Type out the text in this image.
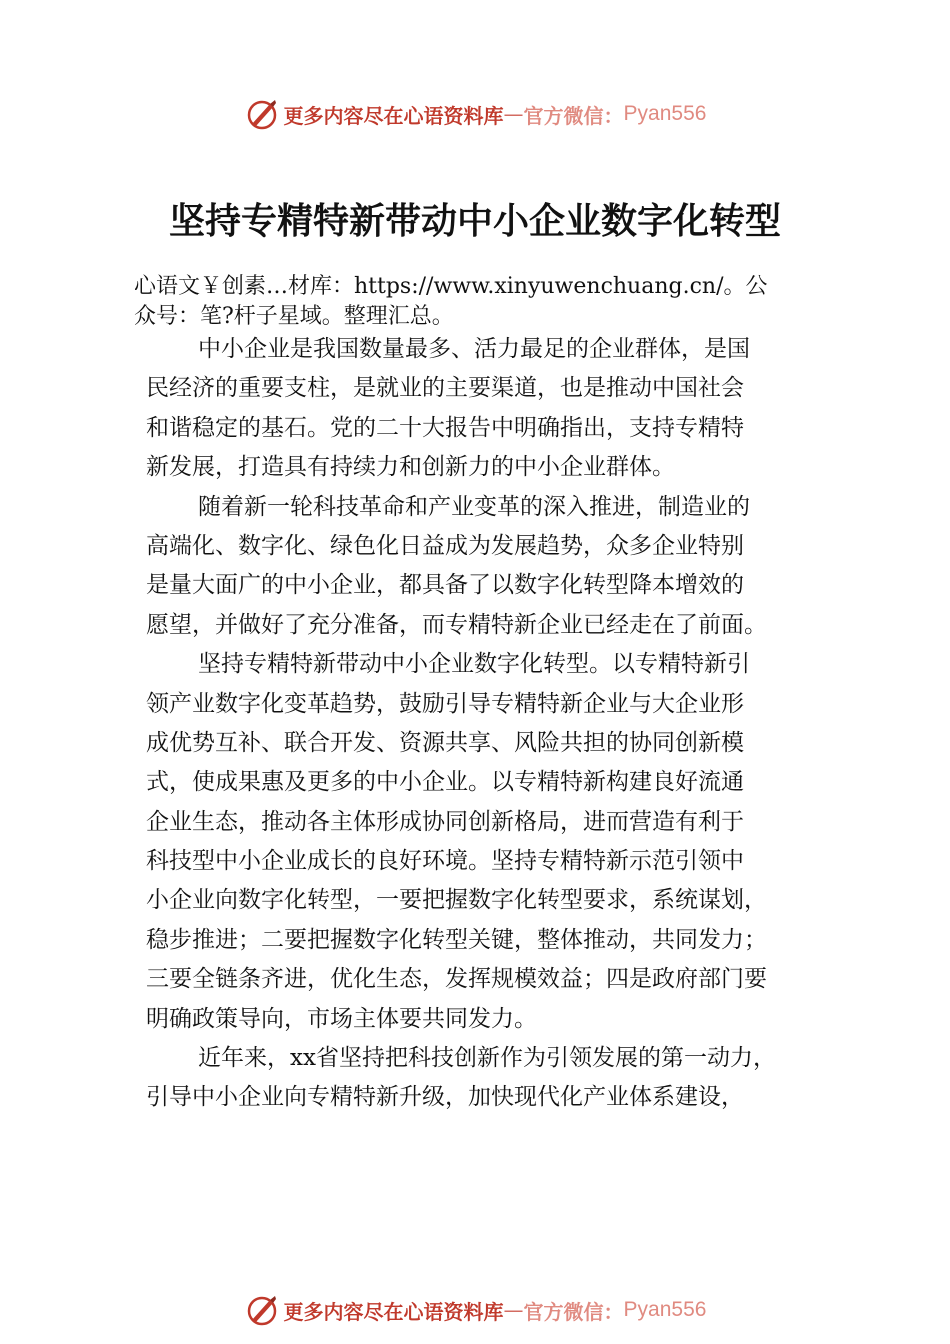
更多内容尽在心语资料库 — 官方微信： Pyan556
坚持专精特新带动中小企业数字化转型
心语文￥创素…材库：https://www.xinyuwenchuang.cn/。公
众号：笔?杆子星域。整理汇总。
中小企业是我国数量最多、活力最足的企业群体，是国
民经济的重要支柱，是就业的主要渠道，也是推动中国社会
和谐稳定的基石。党的二十大报告中明确指出，支持专精特
新发展，打造具有持续力和创新力的中小企业群体。
随着新一轮科技革命和产业变革的深入推进，制造业的
高端化、数字化、绿色化日益成为发展趋势，众多企业特别
是量大面广的中小企业，都具备了以数字化转型降本增效的
愿望，并做好了充分准备，而专精特新企业已经走在了前面。
坚持专精特新带动中小企业数字化转型。以专精特新引
领产业数字化变革趋势，鼓励引导专精特新企业与大企业形
成优势互补、联合开发、资源共享、风险共担的协同创新模
式，使成果惠及更多的中小企业。以专精特新构建良好流通
企业生态，推动各主体形成协同创新格局，进而营造有利于
科技型中小企业成长的良好环境。坚持专精特新示范引领中
小企业向数字化转型，一要把握数字化转型要求，系统谋划，
稳步推进；二要把握数字化转型关键，整体推动，共同发力；
三要全链条齐进，优化生态，发挥规模效益；四是政府部门要
明确政策导向，市场主体要共同发力。
近年来，xx省坚持把科技创新作为引领发展的第一动力，
引导中小企业向专精特新升级，加快现代化产业体系建设，
更多内容尽在心语资料库 — 官方微信： Pyan556
